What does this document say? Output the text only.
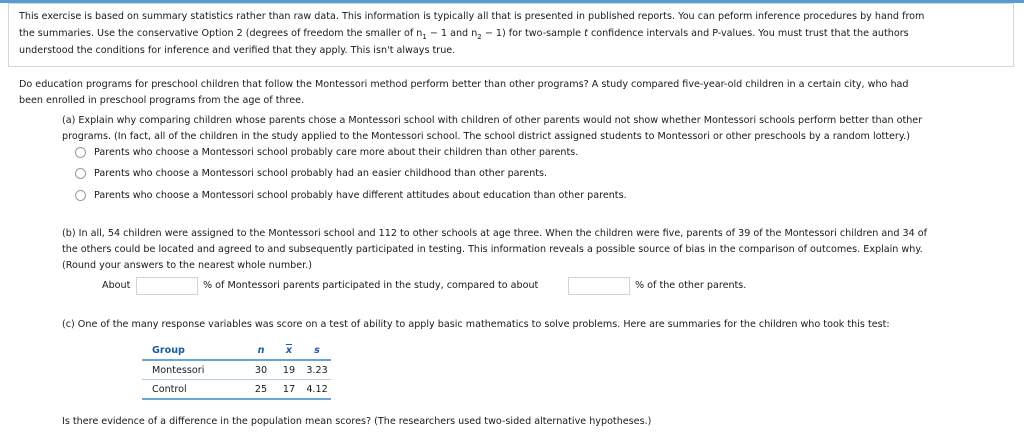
This exercise is based on summary statistics rather than raw data. This information is typically all that is presented in published reports. You can peform inference procedures by hand from
the summaries. Use the conservative Option 2 (degrees of freedom the smaller of $n_1 - 1$ and $n_2 - 1$) for two-sample t confidence intervals and P-values. You must trust that the authors
understood the conditions for inference and verified that they apply. This isn't always true.
Do education programs for preschool children that follow the Montessori method perform better than other programs? A study compared five-year-old children in a certain city, who had
been enrolled in preschool programs from the age of three.
(a) Explain why comparing children whose parents chose a Montessori school with children of other parents would not show whether Montessori schools perform better than other
programs. (In fact, all of the children in the study applied to the Montessori school. The school district assigned students to Montessori or other preschools by a random lottery.)
Parents who choose a Montessori school probably care more about their children than other parents.
Parents who choose a Montessori school probably had an easier childhood than other parents.
Parents who choose a Montessori school probably have different attitudes about education than other parents.
(b) In all, 54 children were assigned to the Montessori school and 112 to other schools at age three. When the children were five, parents of 39 of the Montessori children and 34 of
the others could be located and agreed to and subsequently participated in testing. This information reveals a possible source of bias in the comparison of outcomes. Explain why.
(Round your answers to the nearest whole number.)
About	% of Montessori parents participated in the study, compared to about	% of the other parents.
(c) One of the many response variables was score on a test of ability to apply basic mathematics to solve problems. Here are summaries for the children who took this test:
Group	n	$\overline{x}$	s
Montessori	30	19	3.23
Control	25	17	4.12
Is there evidence of a difference in the population mean scores? (The researchers used two-sided alternative hypotheses.)
